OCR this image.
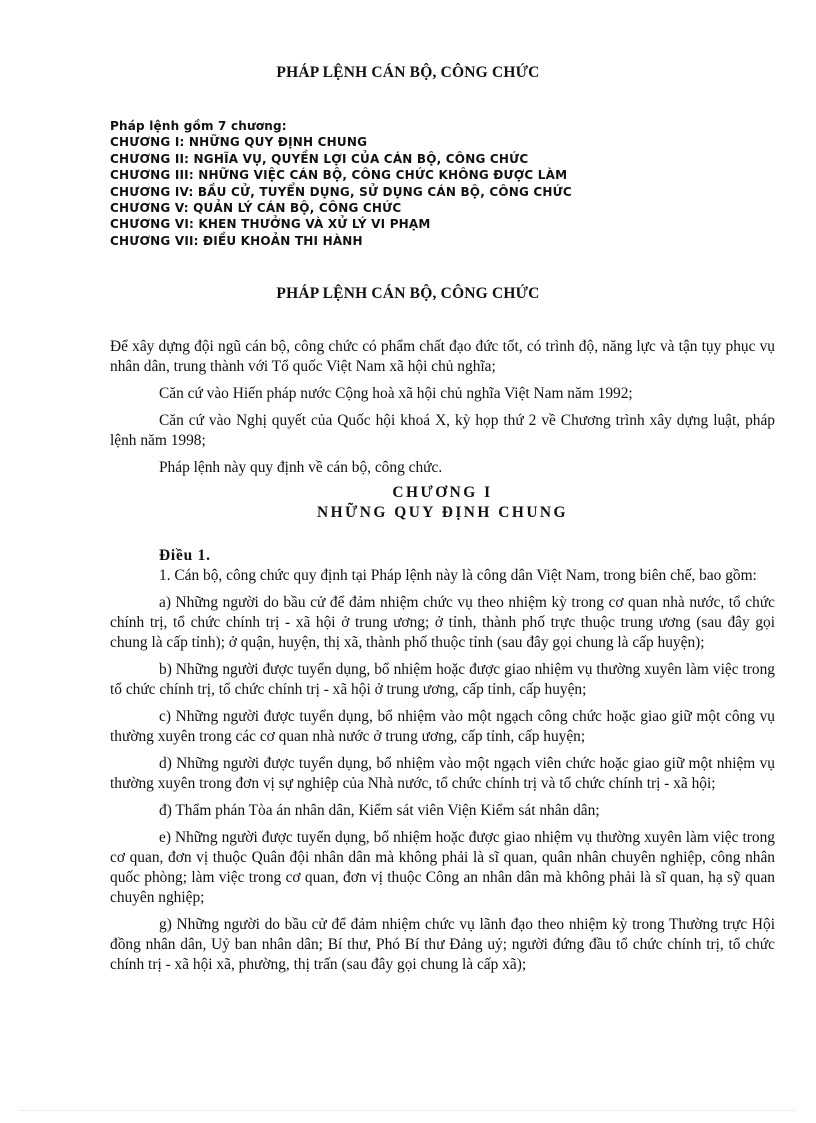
PHÁP LỆNH CÁN BỘ, CÔNG CHỨC
Pháp lệnh gồm 7 chương:
CHƯƠNG I: NHỮNG QUY ĐỊNH CHUNG
CHƯƠNG II: NGHĨA VỤ, QUYỀN LỢI CỦA CÁN BỘ, CÔNG CHỨC
CHƯƠNG III: NHỮNG VIỆC CÁN BỘ, CÔNG CHỨC KHÔNG ĐƯỢC LÀM
CHƯƠNG IV: BẦU CỬ, TUYỂN DỤNG, SỬ DỤNG CÁN BỘ, CÔNG CHỨC
CHƯƠNG V: QUẢN LÝ CÁN BỘ, CÔNG CHỨC
CHƯƠNG VI: KHEN THƯỞNG VÀ XỬ LÝ VI PHẠM
CHƯƠNG VII: ĐIỀU KHOẢN THI HÀNH
PHÁP LỆNH CÁN BỘ, CÔNG CHỨC

Để xây dựng đội ngũ cán bộ, công chức có phẩm chất đạo đức tốt, có trình độ, năng lực và tận tụy phục vụ nhân dân, trung thành với Tổ quốc Việt Nam xã hội chủ nghĩa;

Căn cứ vào Hiến pháp nước Cộng hoà xã hội chủ nghĩa Việt Nam năm 1992;

Căn cứ vào Nghị quyết của Quốc hội khoá X, kỳ họp thứ 2 về Chương trình xây dựng luật, pháp lệnh năm 1998;

Pháp lệnh này quy định về cán bộ, công chức.

CHƯƠNG I
NHỮNG QUY ĐỊNH CHUNG

Điều 1.

1. Cán bộ, công chức quy định tại Pháp lệnh này là công dân Việt Nam, trong biên chế, bao gồm:

a) Những người do bầu cử để đảm nhiệm chức vụ theo nhiệm kỳ trong cơ quan nhà nước, tổ chức chính trị, tổ chức chính trị - xã hội ở trung ương; ở tỉnh, thành phố trực thuộc trung ương (sau đây gọi chung là cấp tỉnh); ở quận, huyện, thị xã, thành phố thuộc tỉnh (sau đây gọi chung là cấp huyện);

b) Những người được tuyển dụng, bổ nhiệm hoặc được giao nhiệm vụ thường xuyên làm việc trong tổ chức chính trị, tổ chức chính trị - xã hội ở trung ương, cấp tỉnh, cấp huyện;

c) Những người được tuyển dụng, bổ nhiệm vào một ngạch công chức hoặc giao giữ một công vụ thường xuyên trong các cơ quan nhà nước ở trung ương, cấp tỉnh, cấp huyện;

d) Những người được tuyển dụng, bổ nhiệm vào một ngạch viên chức hoặc giao giữ một nhiệm vụ thường xuyên trong đơn vị sự nghiệp của Nhà nước, tổ chức chính trị và tổ chức chính trị - xã hội;

đ) Thẩm phán Tòa án nhân dân, Kiểm sát viên Viện Kiểm sát nhân dân;

e) Những người được tuyển dụng, bổ nhiệm hoặc được giao nhiệm vụ thường xuyên làm việc trong cơ quan, đơn vị thuộc Quân đội nhân dân mà không phải là sĩ quan, quân nhân chuyên nghiệp, công nhân quốc phòng; làm việc trong cơ quan, đơn vị thuộc Công an nhân dân mà không phải là sĩ quan, hạ sỹ quan chuyên nghiệp;

g) Những người do bầu cử để đảm nhiệm chức vụ lãnh đạo theo nhiệm kỳ trong Thường trực Hội đồng nhân dân, Uỷ ban nhân dân; Bí thư, Phó Bí thư Đảng uỷ; người đứng đầu tổ chức chính trị, tổ chức chính trị - xã hội xã, phường, thị trấn (sau đây gọi chung là cấp xã);
